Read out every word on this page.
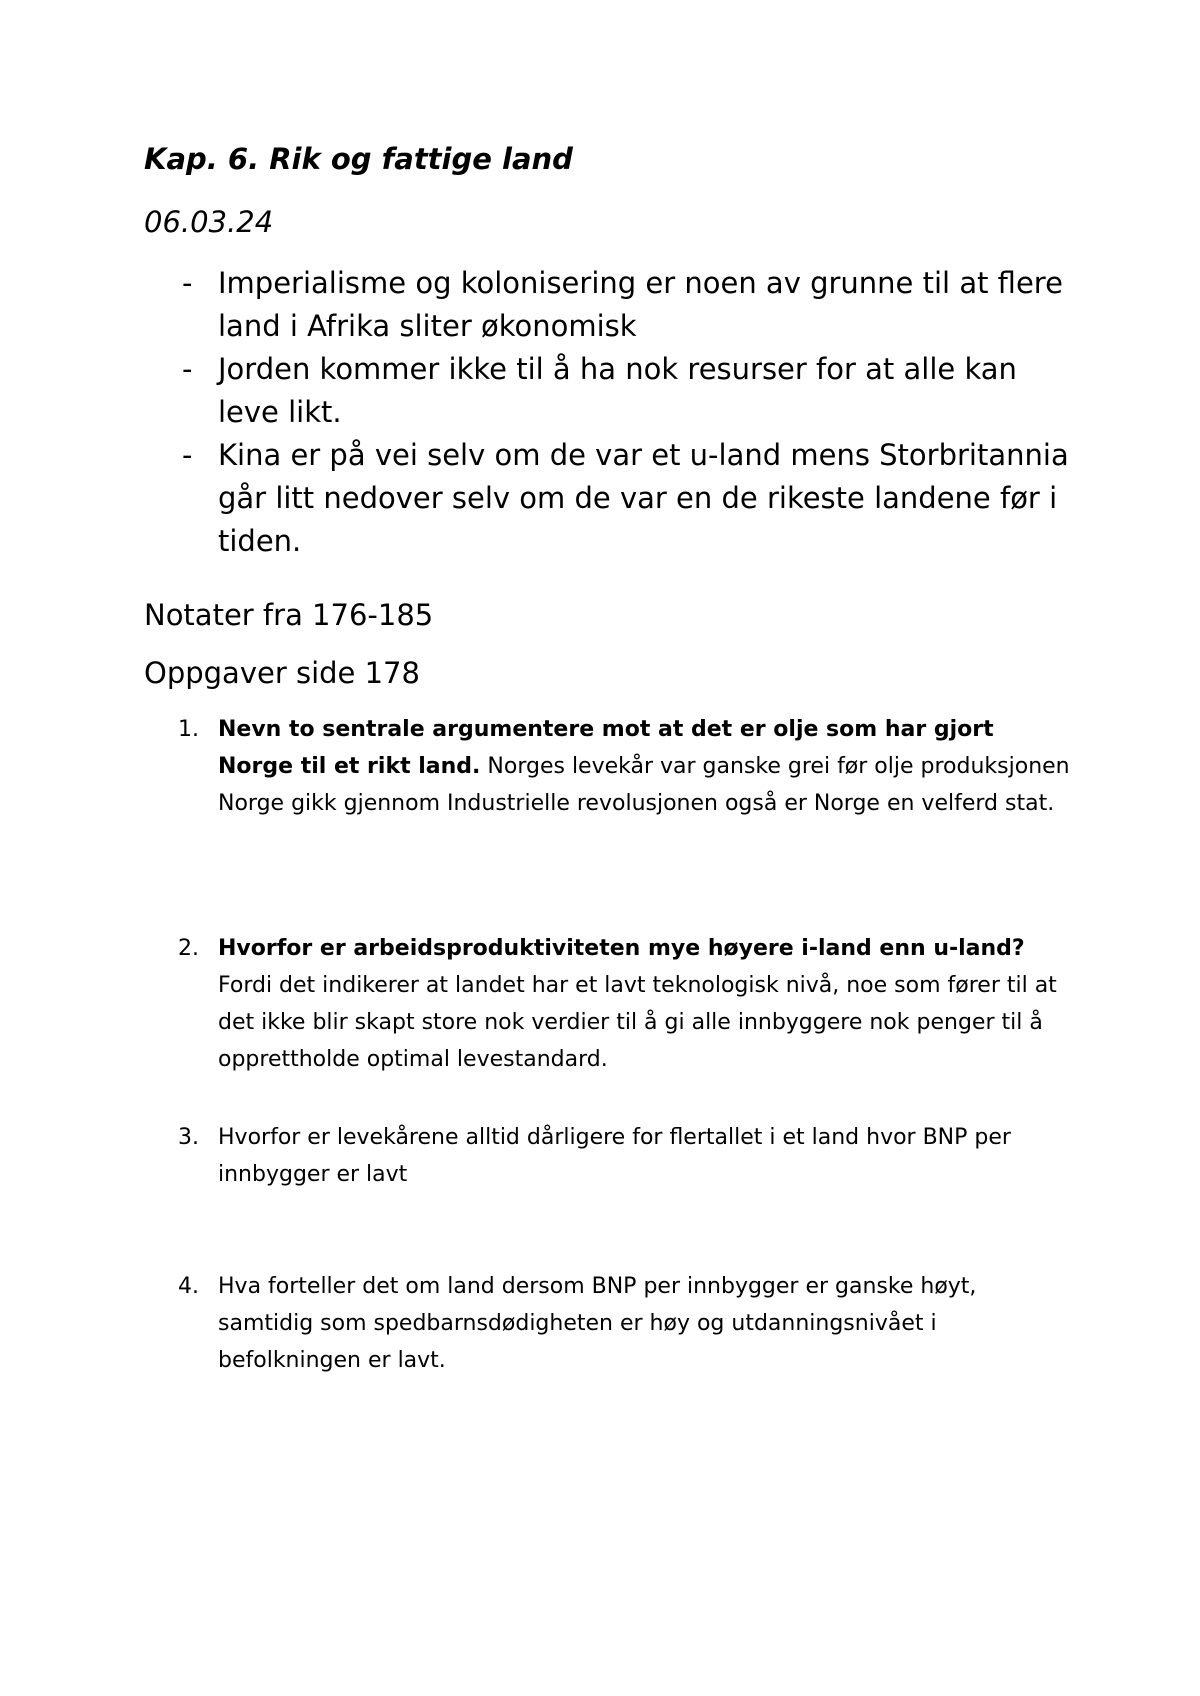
Kap. 6. Rik og fattige land
06.03.24
- Imperialisme og kolonisering er noen av grunne til at flere land i Afrika sliter økonomisk
- Jorden kommer ikke til å ha nok resurser for at alle kan leve likt.
- Kina er på vei selv om de var et u-land mens Storbritannia går litt nedover selv om de var en de rikeste landene før i tiden.
Notater fra 176-185
Oppgaver side 178
1. Nevn to sentrale argumentere mot at det er olje som har gjort Norge til et rikt land. Norges levekår var ganske grei før olje produksjonen Norge gikk gjennom Industrielle revolusjonen også er Norge en velferd stat.
2. Hvorfor er arbeidsproduktiviteten mye høyere i-land enn u-land?
Fordi det indikerer at landet har et lavt teknologisk nivå, noe som fører til at det ikke blir skapt store nok verdier til å gi alle innbyggere nok penger til å opprettholde optimal levestandard.
3. Hvorfor er levekårene alltid dårligere for flertallet i et land hvor BNP per innbygger er lavt
4. Hva forteller det om land dersom BNP per innbygger er ganske høyt, samtidig som spedbarnsdødigheten er høy og utdanningsnivået i befolkningen er lavt.
